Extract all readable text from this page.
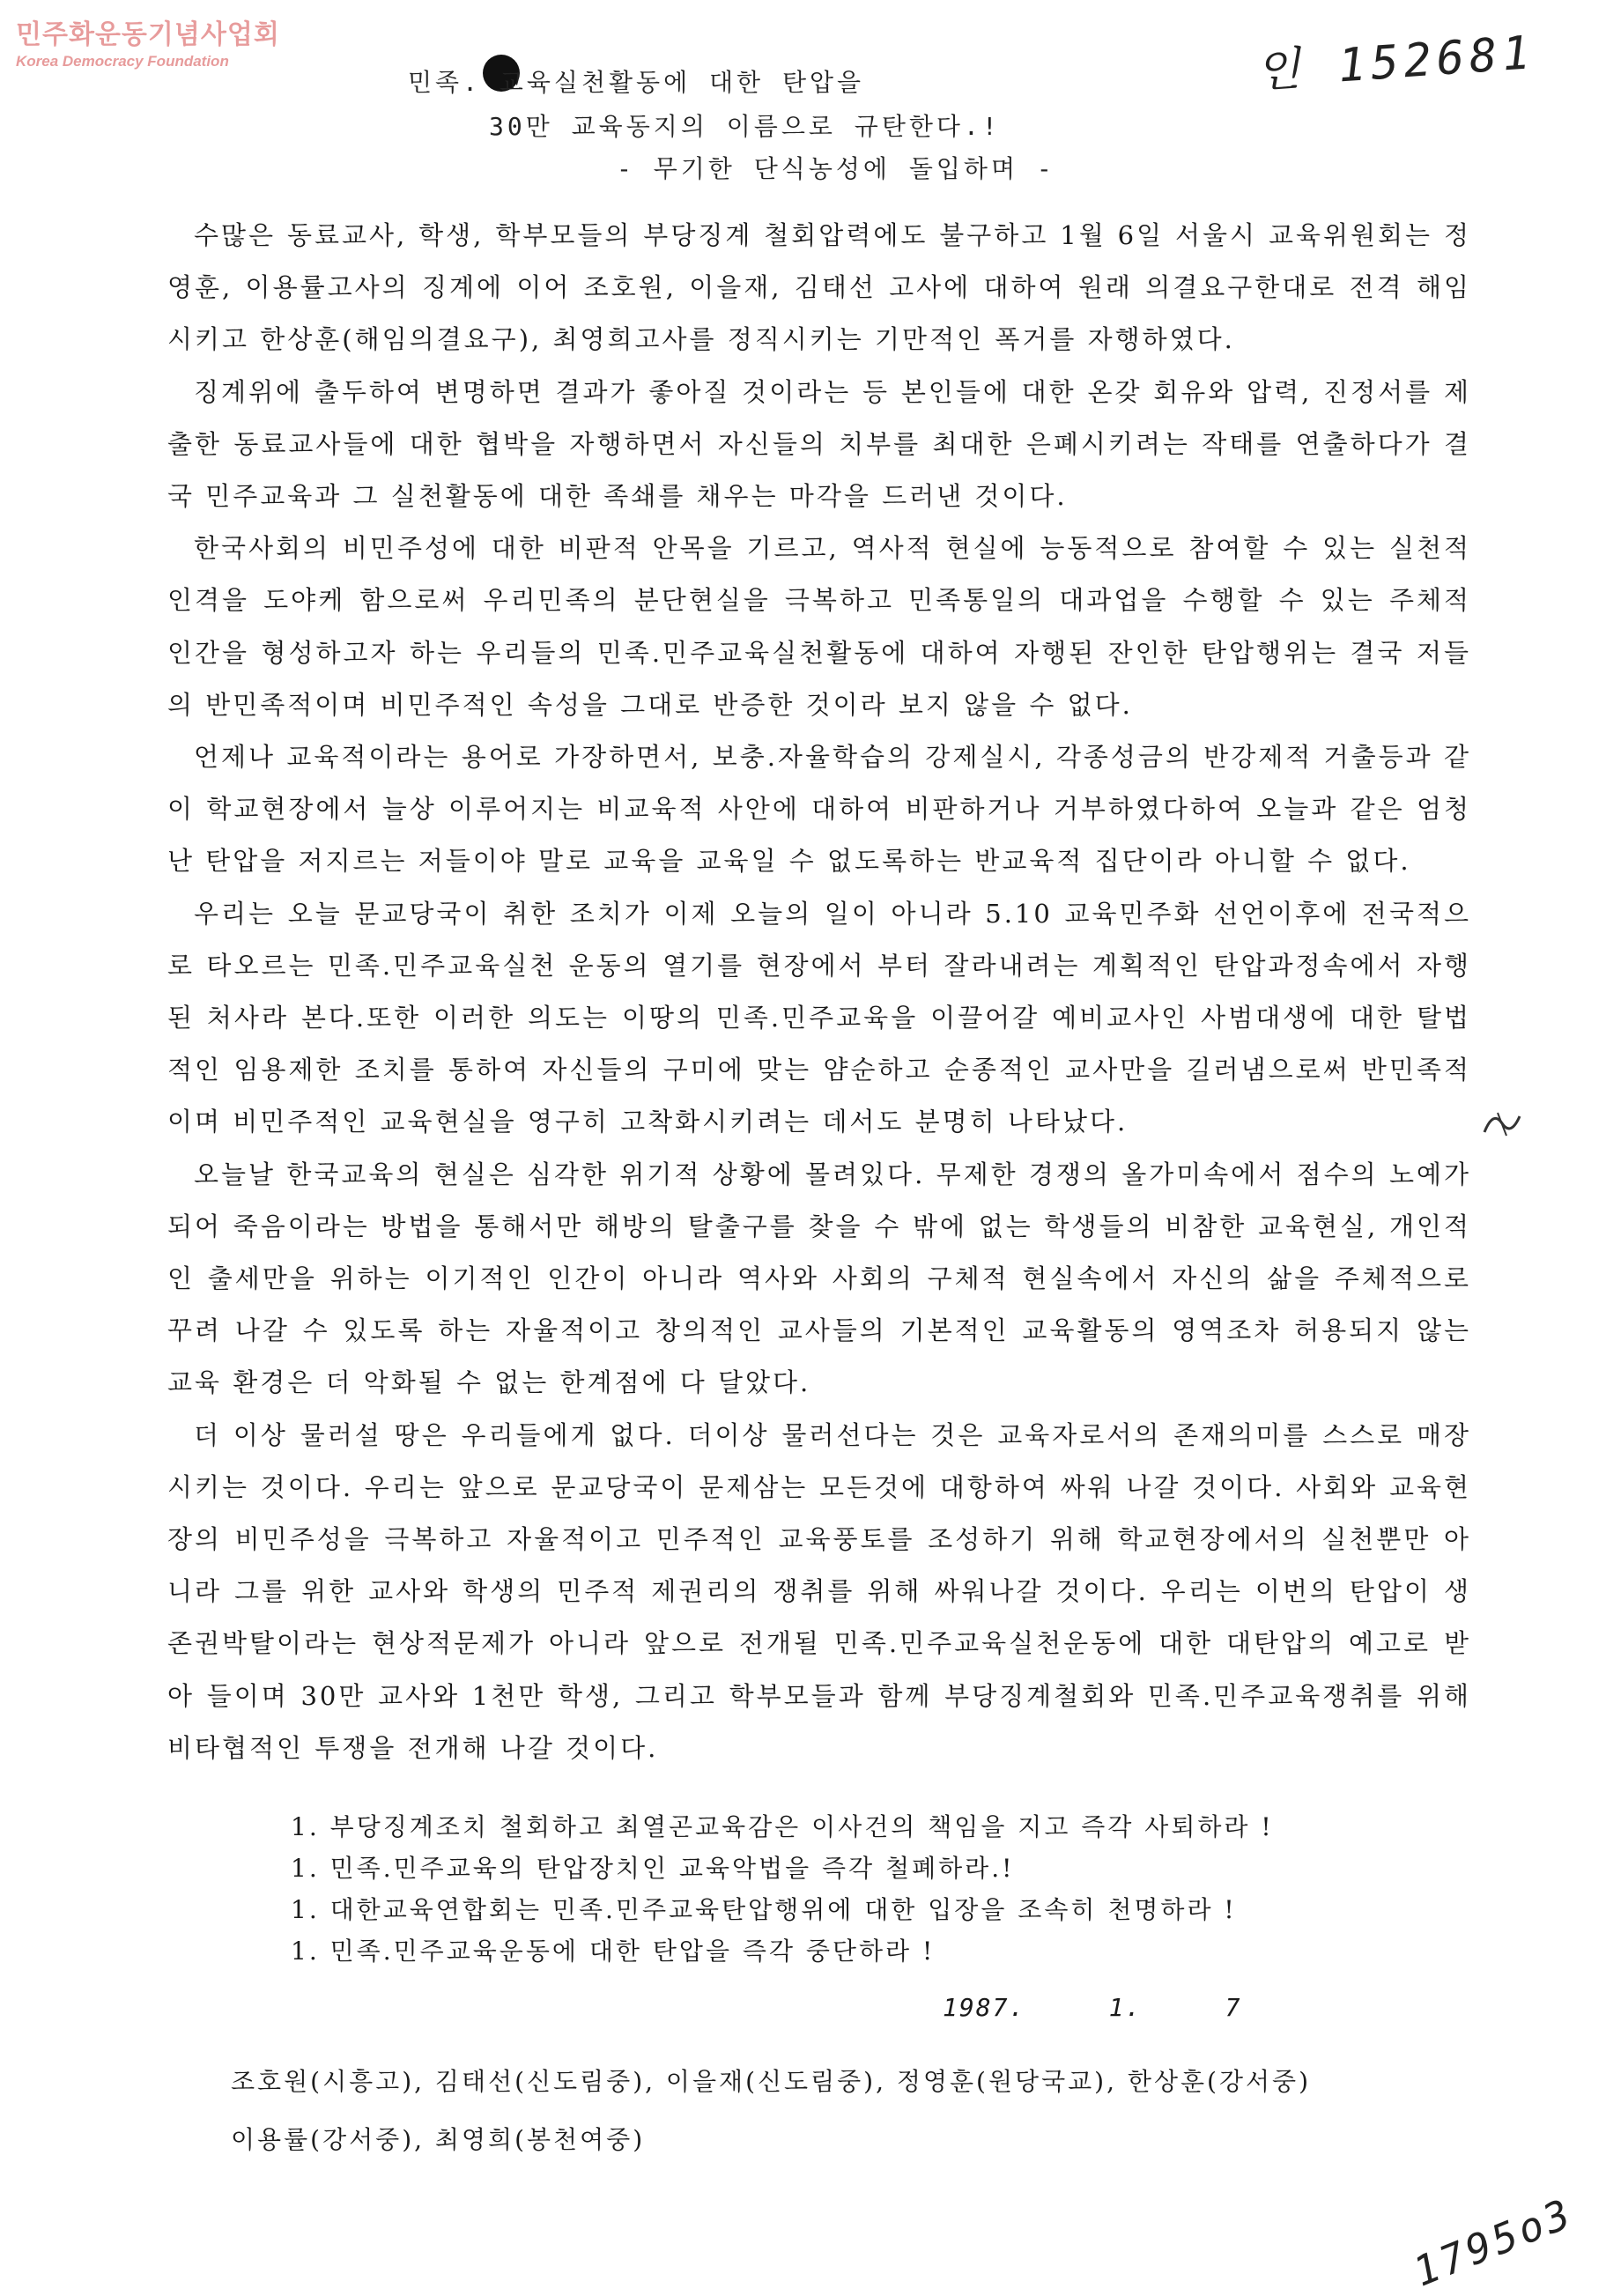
민주화운동기념사업회
Korea Democracy Foundation	인 152681
민족. 교육실천활동에 대한 탄압을
30만 교육동지의 이름으로 규탄한다.!
- 무기한 단식농성에 돌입하며 -

수많은 동료교사, 학생, 학부모들의 부당징계 철회압력에도 불구하고 1월 6일 서울시 교육위원회는 정영훈, 이용률고사의 징계에 이어 조호원, 이을재, 김태선 고사에 대하여 원래 의결요구한대로 전격 해임시키고 한상훈(해임의결요구), 최영희고사를 정직시키는 기만적인 폭거를 자행하였다.

징계위에 출두하여 변명하면 결과가 좋아질 것이라는 등 본인들에 대한 온갖 회유와 압력, 진정서를 제출한 동료교사들에 대한 협박을 자행하면서 자신들의 치부를 최대한 은폐시키려는 작태를 연출하다가 결국 민주교육과 그 실천활동에 대한 족쇄를 채우는 마각을 드러낸 것이다.

한국사회의 비민주성에 대한 비판적 안목을 기르고, 역사적 현실에 능동적으로 참여할 수 있는 실천적 인격을 도야케 함으로써 우리민족의 분단현실을 극복하고 민족통일의 대과업을 수행할 수 있는 주체적 인간을 형성하고자 하는 우리들의 민족.민주교육실천활동에 대하여 자행된 잔인한 탄압행위는 결국 저들의 반민족적이며 비민주적인 속성을 그대로 반증한 것이라 보지 않을 수 없다.

언제나 교육적이라는 용어로 가장하면서, 보충.자율학습의 강제실시, 각종성금의 반강제적 거출등과 같이 학교현장에서 늘상 이루어지는 비교육적 사안에 대하여 비판하거나 거부하였다하여 오늘과 같은 엄청난 탄압을 저지르는 저들이야 말로 교육을 교육일 수 없도록하는 반교육적 집단이라 아니할 수 없다.

우리는 오늘 문교당국이 취한 조치가 이제 오늘의 일이 아니라 5.10 교육민주화 선언이후에 전국적으로 타오르는 민족.민주교육실천 운동의 열기를 현장에서 부터 잘라내려는 계획적인 탄압과정속에서 자행된 처사라 본다.또한 이러한 의도는 이땅의 민족.민주교육을 이끌어갈 예비교사인 사범대생에 대한 탈법적인 임용제한 조치를 통하여 자신들의 구미에 맞는 얌순하고 순종적인 교사만을 길러냄으로써 반민족적이며 비민주적인 교육현실을 영구히 고착화시키려는 데서도 분명히 나타났다.

오늘날 한국교육의 현실은 심각한 위기적 상황에 몰려있다. 무제한 경쟁의 올가미속에서 점수의 노예가 되어 죽음이라는 방법을 통해서만 해방의 탈출구를 찾을 수 밖에 없는 학생들의 비참한 교육현실, 개인적인 출세만을 위하는 이기적인 인간이 아니라 역사와 사회의 구체적 현실속에서 자신의 삶을 주체적으로꾸려 나갈 수 있도록 하는 자율적이고 창의적인 교사들의 기본적인 교육활동의 영역조차 허용되지 않는 교육 환경은 더 악화될 수 없는 한계점에 다 달았다.

더 이상 물러설 땅은 우리들에게 없다. 더이상 물러선다는 것은 교육자로서의 존재의미를 스스로 매장시키는 것이다. 우리는 앞으로 문교당국이 문제삼는 모든것에 대항하여 싸워 나갈 것이다. 사회와 교육현장의 비민주성을 극복하고 자율적이고 민주적인 교육풍토를 조성하기 위해 학교현장에서의 실천뿐만 아니라 그를 위한 교사와 학생의 민주적 제권리의 쟁취를 위해 싸워나갈 것이다. 우리는 이번의 탄압이 생존권박탈이라는 현상적문제가 아니라 앞으로 전개될 민족.민주교육실천운동에 대한 대탄압의 예고로 받아 들이며 30만 교사와 1천만 학생, 그리고 학부모들과 함께 부당징계철회와 민족.민주교육쟁취를 위해 비타협적인 투쟁을 전개해 나갈 것이다.

1. 부당징계조치 철회하고 최열곤교육감은 이사건의 책임을 지고 즉각 사퇴하라 !
1. 민족.민주교육의 탄압장치인 교육악법을 즉각 철폐하라.!
1. 대한교육연합회는 민족.민주교육탄압행위에 대한 입장을 조속히 천명하라 !
1. 민족.민주교육운동에 대한 탄압을 즉각 중단하라 !
1987.     1.     7
조호원(시흥고), 김태선(신도림중), 이을재(신도림중), 정영훈(원당국교), 한상훈(강서중)
이용률(강서중), 최영희(봉천여중)
1795o3
